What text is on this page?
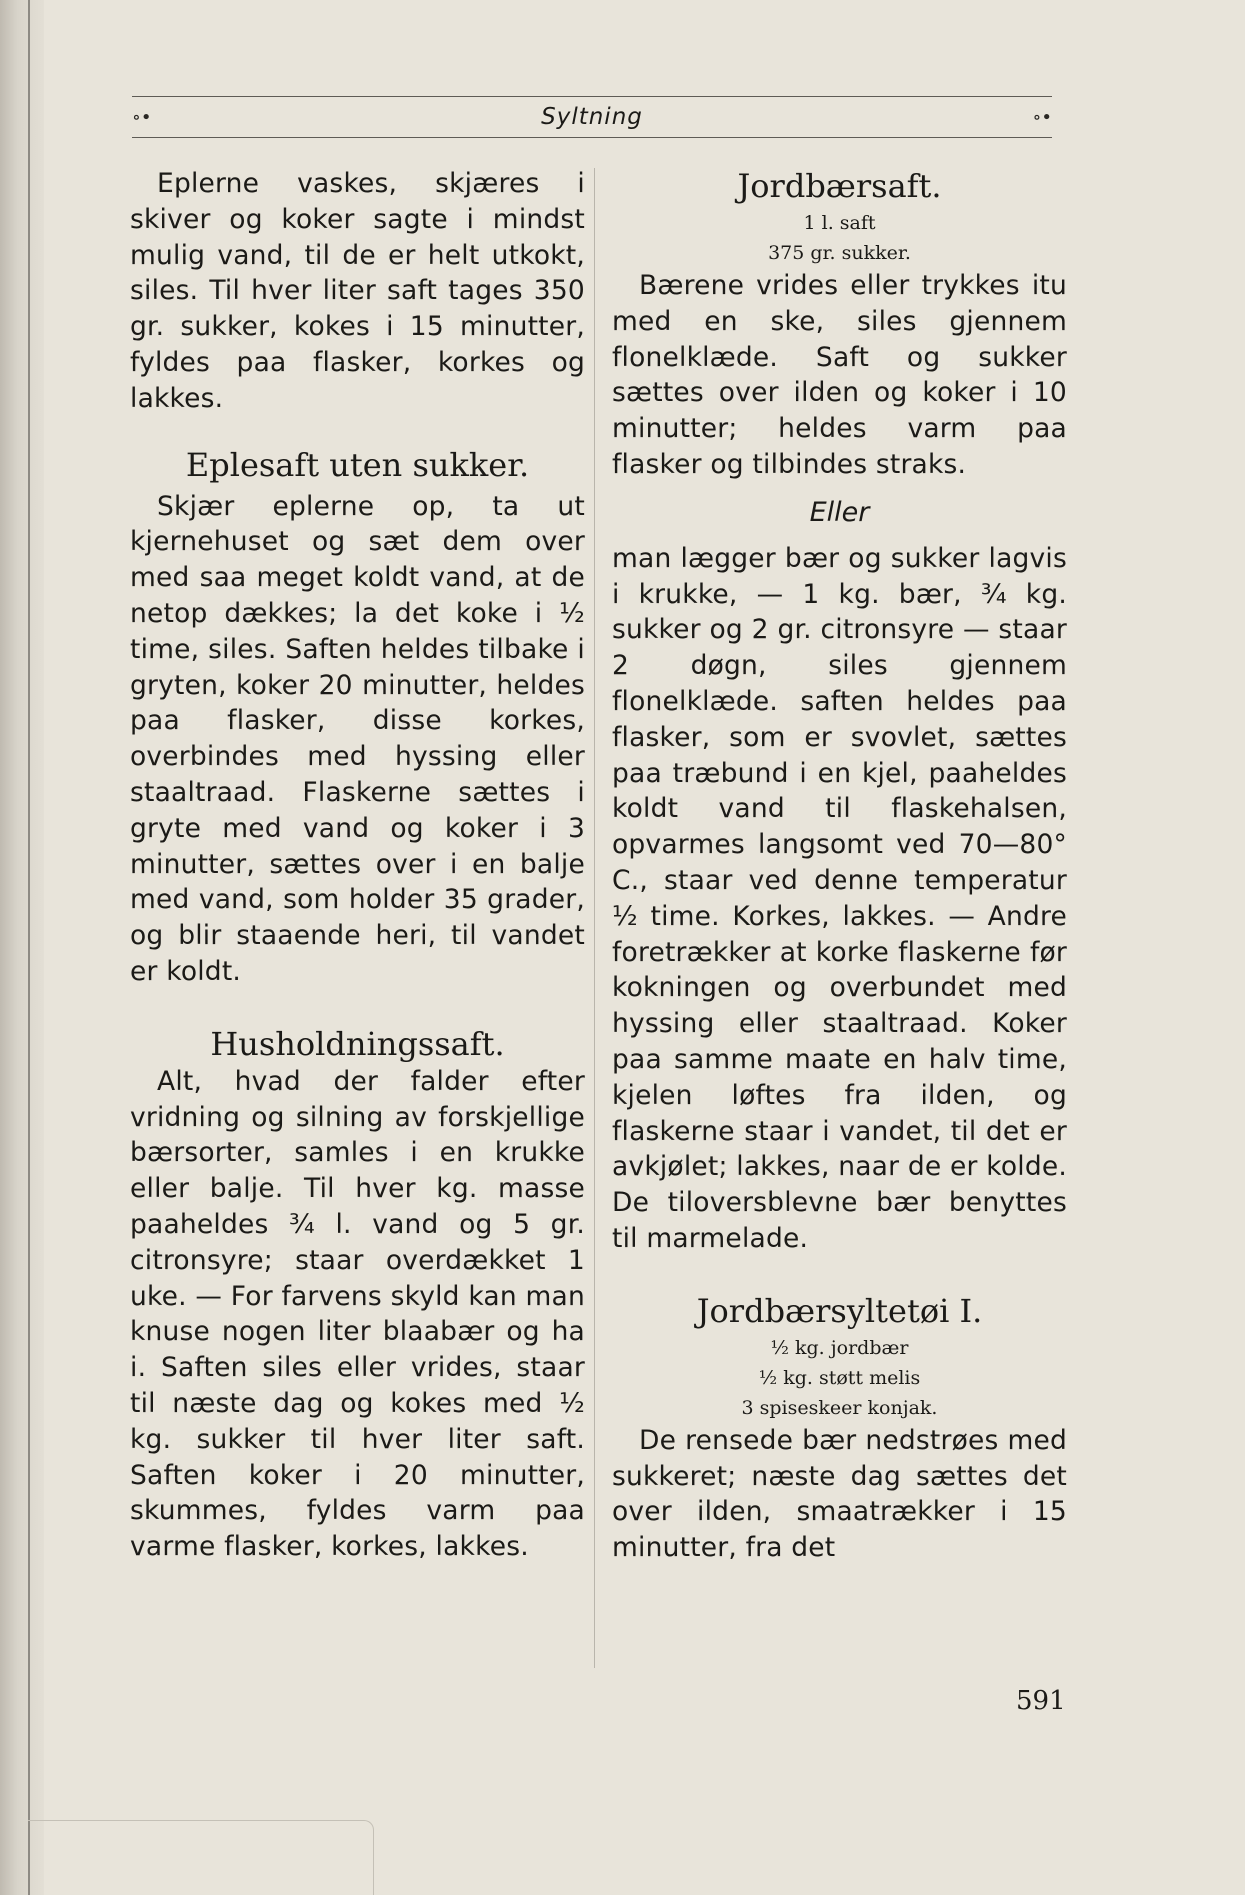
∘•	Syltning	∘•

Eplerne vaskes, skjæres i skiver og koker sagte i mindst mulig vand, til de er helt utkokt, siles. Til hver liter saft tages 350 gr. sukker, kokes i 15 minutter, fyldes paa flasker, korkes og lakkes.

Eplesaft uten sukker.

Skjær eplerne op, ta ut kjernehuset og sæt dem over med saa meget koldt vand, at de netop dækkes; la det koke i ½ time, siles. Saften heldes tilbake i gryten, koker 20 minutter, heldes paa flasker, disse korkes, overbindes med hyssing eller staaltraad. Flaskerne sættes i gryte med vand og koker i 3 minutter, sættes over i en balje med vand, som holder 35 grader, og blir staaende heri, til vandet er koldt.

Husholdningssaft.

Alt, hvad der falder efter vridning og silning av forskjellige bærsorter, samles i en krukke eller balje. Til hver kg. masse paaheldes ¾ l. vand og 5 gr. citronsyre; staar overdækket 1 uke. — For farvens skyld kan man knuse nogen liter blaabær og ha i. Saften siles eller vrides, staar til næste dag og kokes med ½ kg. sukker til hver liter saft. Saften koker i 20 minutter, skummes, fyldes varm paa varme flasker, korkes, lakkes.

Jordbærsaft.
1 l. saft
375 gr. sukker.

Bærene vrides eller trykkes itu med en ske, siles gjennem flonelklæde. Saft og sukker sættes over ilden og koker i 10 minutter; heldes varm paa flasker og tilbindes straks.

Eller

man lægger bær og sukker lagvis i krukke, — 1 kg. bær, ¾ kg. sukker og 2 gr. citronsyre — staar 2 døgn, siles gjennem flonelklæde. saften heldes paa flasker, som er svovlet, sættes paa træbund i en kjel, paaheldes koldt vand til flaskehalsen, opvarmes langsomt ved 70—80° C., staar ved denne temperatur ½ time. Korkes, lakkes. — Andre foretrækker at korke flaskerne før kokningen og overbundet med hyssing eller staaltraad. Koker paa samme maate en halv time, kjelen løftes fra ilden, og flaskerne staar i vandet, til det er avkjølet; lakkes, naar de er kolde. De tiloversblevne bær benyttes til marmelade.

Jordbærsyltetøi I.
½ kg. jordbær
½ kg. støtt melis
3 spiseskeer konjak.

De rensede bær nedstrøes med sukkeret; næste dag sættes det over ilden, smaatrækker i 15 minutter, fra det

591
